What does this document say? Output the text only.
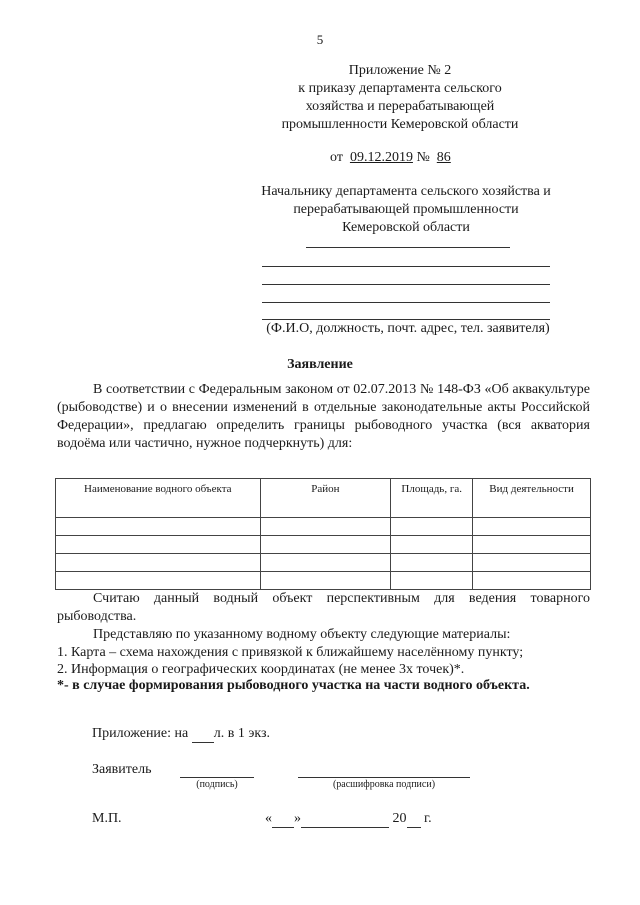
5
Приложение № 2
к приказу департамента сельского
хозяйства и перерабатывающей
промышленности Кемеровской области
от 09.12.2019 № 86
Начальнику департамента сельского хозяйства и
перерабатывающей промышленности
Кемеровской области
(Ф.И.О, должность, почт. адрес, тел. заявителя)
Заявление

В соответствии с Федеральным законом от 02.07.2013 № 148-ФЗ «Об аквакультуре (рыбоводстве) и о внесении изменений в отдельные законодательные акты Российской Федерации», предлагаю определить границы рыбоводного участка (вся акватория водоёма или частично, нужное подчеркнуть) для:

Наименование водного объекта	Район	Площадь, га.	Вид деятельности

Считаю данный водный объект перспективным для ведения товарного рыбоводства.

Представляю по указанному водному объекту следующие материалы:

1. Карта – схема нахождения с привязкой к ближайшему населённому пункту;
2. Информация о географических координатах (не менее 3х точек)*.
*- в случае формирования рыбоводного участка на части водного объекта.
Приложение: на л. в 1 экз.
Заявитель
(подпись)	(расшифровка подписи)
М.П.	« »	20 г.
